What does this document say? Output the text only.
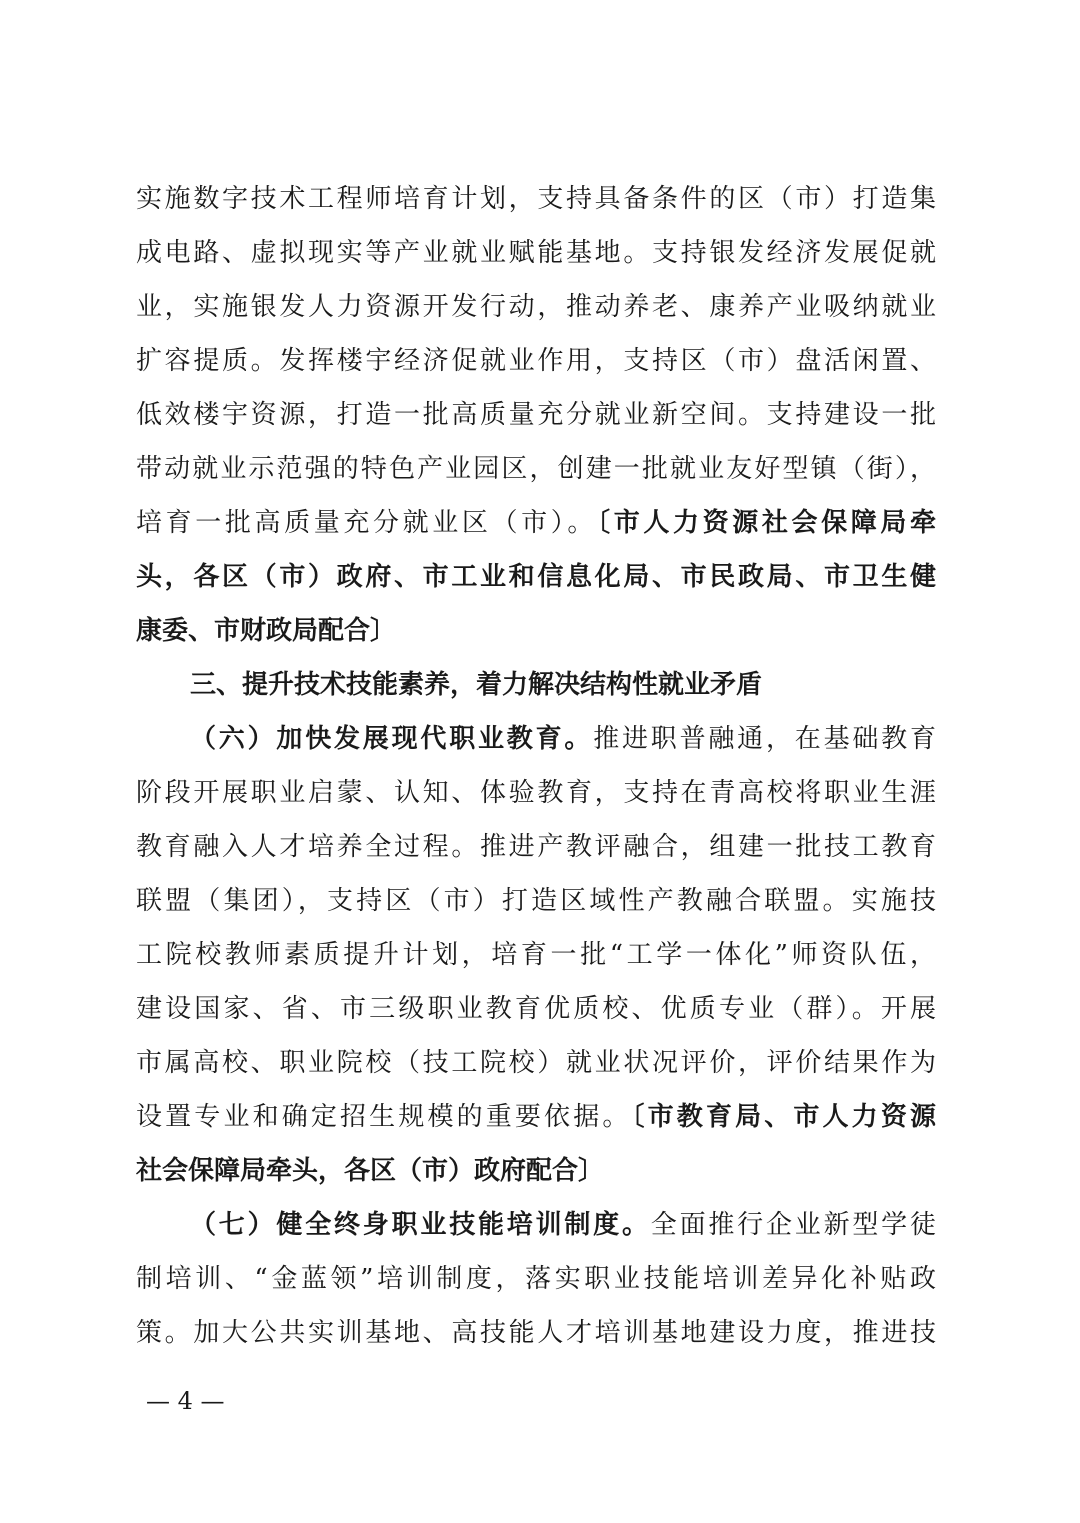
实施数字技术工程师培育计划，支持具备条件的区（市）打造集
成电路、虚拟现实等产业就业赋能基地。支持银发经济发展促就
业，实施银发人力资源开发行动，推动养老、康养产业吸纳就业
扩容提质。发挥楼宇经济促就业作用，支持区（市）盘活闲置、
低效楼宇资源，打造一批高质量充分就业新空间。支持建设一批
带动就业示范强的特色产业园区，创建一批就业友好型镇（街），
培育一批高质量充分就业区（市）。〔市人力资源社会保障局牵
头，各区（市）政府、市工业和信息化局、市民政局、市卫生健
康委、市财政局配合〕
三、提升技术技能素养，着力解决结构性就业矛盾
（六）加快发展现代职业教育。推进职普融通，在基础教育
阶段开展职业启蒙、认知、体验教育，支持在青高校将职业生涯
教育融入人才培养全过程。推进产教评融合，组建一批技工教育
联盟（集团），支持区（市）打造区域性产教融合联盟。实施技
工院校教师素质提升计划，培育一批“工学一体化”师资队伍，
建设国家、省、市三级职业教育优质校、优质专业（群）。开展
市属高校、职业院校（技工院校）就业状况评价，评价结果作为
设置专业和确定招生规模的重要依据。〔市教育局、市人力资源
社会保障局牵头，各区（市）政府配合〕
（七）健全终身职业技能培训制度。全面推行企业新型学徒
制培训、“金蓝领”培训制度，落实职业技能培训差异化补贴政
策。加大公共实训基地、高技能人才培训基地建设力度，推进技
— 4 —
